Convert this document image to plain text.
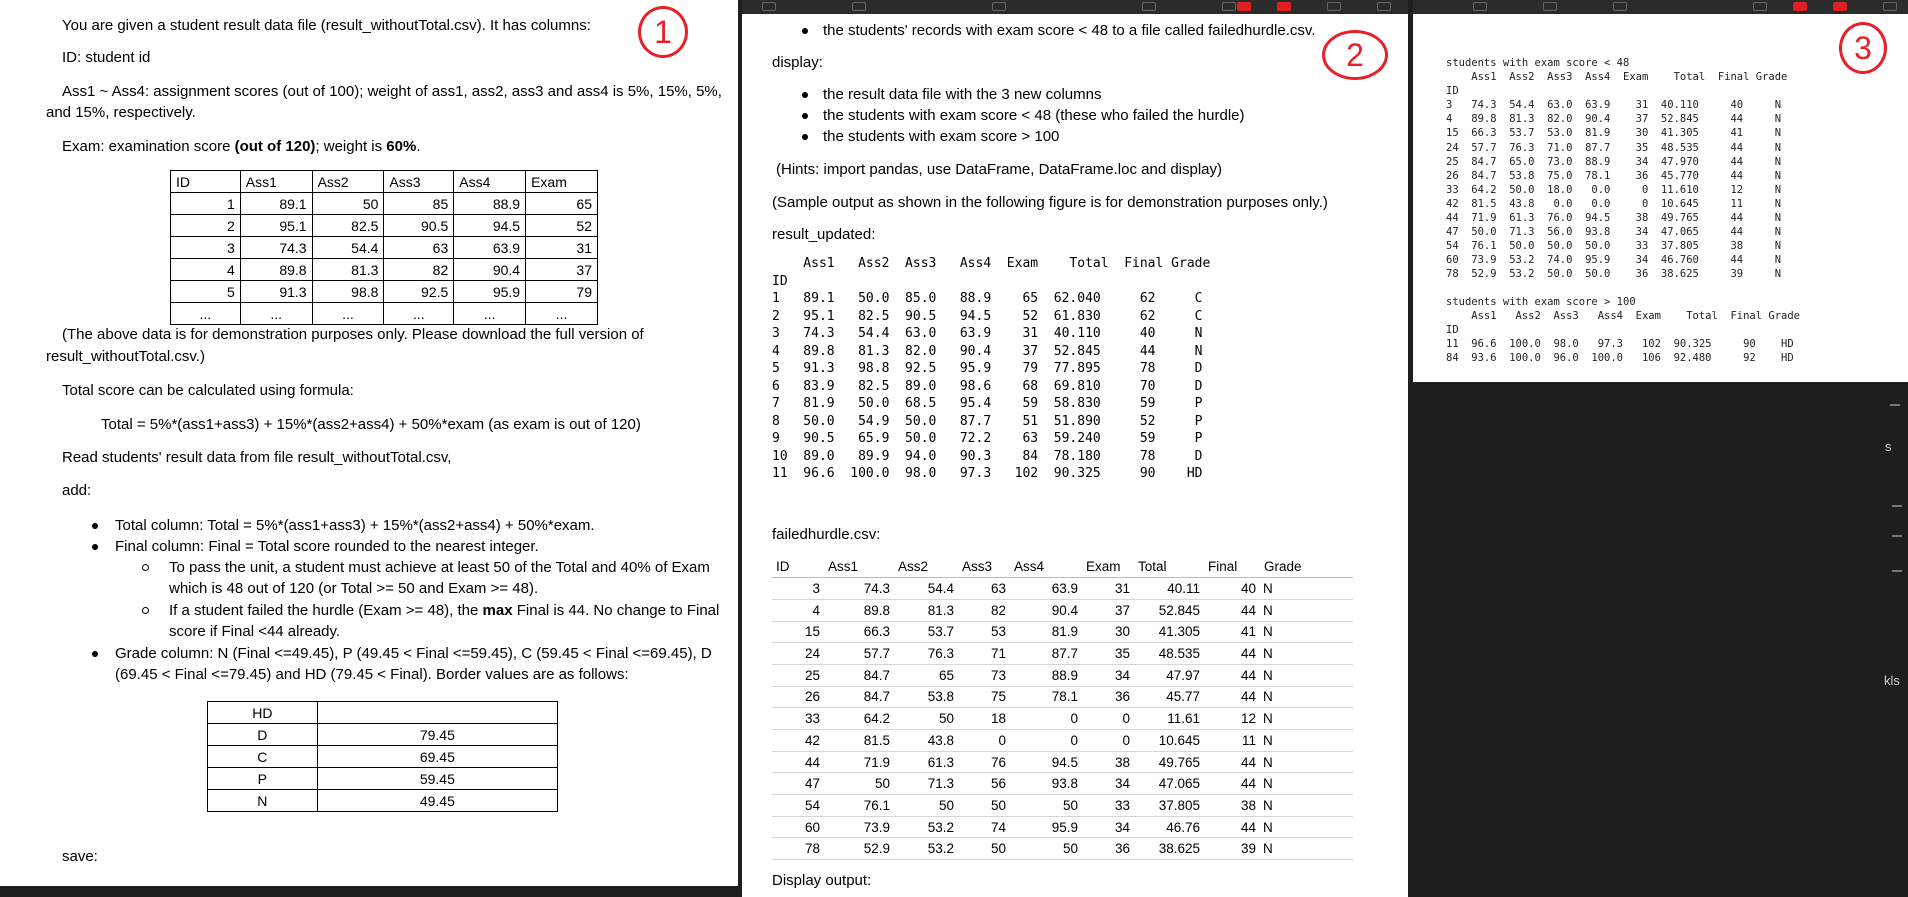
1
You are given a student result data file (result_withoutTotal.csv). It has columns:
ID: student id
Ass1 ~ Ass4: assignment scores (out of 100); weight of ass1, ass2, ass3 and ass4 is 5%, 15%, 5%,
and 15%, respectively.
Exam: examination score (out of 120); weight is 60%.
ID	Ass1	Ass2	Ass3	Ass4	Exam
1	89.1	50	85	88.9	65
2	95.1	82.5	90.5	94.5	52
3	74.3	54.4	63	63.9	31
4	89.8	81.3	82	90.4	37
5	91.3	98.8	92.5	95.9	79
...	...	...	...	...	...
(The above data is for demonstration purposes only. Please download the full version of
result_withoutTotal.csv.)
Total score can be calculated using formula:
Total = 5%*(ass1+ass3) + 15%*(ass2+ass4) + 50%*exam (as exam is out of 120)
Read students' result data from file result_withoutTotal.csv,
add:
Total column: Total = 5%*(ass1+ass3) + 15%*(ass2+ass4) + 50%*exam.
Final column: Final = Total score rounded to the nearest integer.
To pass the unit, a student must achieve at least 50 of the Total and 40% of Exam
which is 48 out of 120 (or Total >= 50 and Exam >= 48).
If a student failed the hurdle (Exam >= 48), the max Final is 44. No change to Final
score if Final <44 already.
Grade column: N (Final <=49.45), P (49.45 < Final <=59.45), C (59.45 < Final <=69.45), D
(69.45 < Final <=79.45) and HD (79.45 < Final). Border values are as follows:
HD	
D	79.45
C	69.45
P	59.45
N	49.45
save:
2
the students' records with exam score < 48 to a file called failedhurdle.csv.
display:
the result data file with the 3 new columns
the students with exam score < 48 (these who failed the hurdle)
the students with exam score > 100
(Hints: import pandas, use DataFrame, DataFrame.loc and display)
(Sample output as shown in the following figure is for demonstration purposes only.)
result_updated:
Ass1   Ass2  Ass3   Ass4  Exam    Total  Final Grade
ID
1   89.1   50.0  85.0   88.9    65  62.040     62     C
2   95.1   82.5  90.5   94.5    52  61.830     62     C
3   74.3   54.4  63.0   63.9    31  40.110     40     N
4   89.8   81.3  82.0   90.4    37  52.845     44     N
5   91.3   98.8  92.5   95.9    79  77.895     78     D
6   83.9   82.5  89.0   98.6    68  69.810     70     D
7   81.9   50.0  68.5   95.4    59  58.830     59     P
8   50.0   54.9  50.0   87.7    51  51.890     52     P
9   90.5   65.9  50.0   72.2    63  59.240     59     P
10  89.0   89.9  94.0   90.3    84  78.180     78     D
11  96.6  100.0  98.0   97.3   102  90.325     90    HD
failedhurdle.csv:
ID	Ass1	Ass2	Ass3	Ass4	Exam	Total	Final	Grade
3	74.3	54.4	63	63.9	31	40.11	40	N
4	89.8	81.3	82	90.4	37	52.845	44	N
15	66.3	53.7	53	81.9	30	41.305	41	N
24	57.7	76.3	71	87.7	35	48.535	44	N
25	84.7	65	73	88.9	34	47.97	44	N
26	84.7	53.8	75	78.1	36	45.77	44	N
33	64.2	50	18	0	0	11.61	12	N
42	81.5	43.8	0	0	0	10.645	11	N
44	71.9	61.3	76	94.5	38	49.765	44	N
47	50	71.3	56	93.8	34	47.065	44	N
54	76.1	50	50	50	33	37.805	38	N
60	73.9	53.2	74	95.9	34	46.76	44	N
78	52.9	53.2	50	50	36	38.625	39	N
Display output:
3
students with exam score < 48
Ass1  Ass2  Ass3  Ass4  Exam    Total  Final Grade
ID
3   74.3  54.4  63.0  63.9    31  40.110     40     N
4   89.8  81.3  82.0  90.4    37  52.845     44     N
15  66.3  53.7  53.0  81.9    30  41.305     41     N
24  57.7  76.3  71.0  87.7    35  48.535     44     N
25  84.7  65.0  73.0  88.9    34  47.970     44     N
26  84.7  53.8  75.0  78.1    36  45.770     44     N
33  64.2  50.0  18.0   0.0     0  11.610     12     N
42  81.5  43.8   0.0   0.0     0  10.645     11     N
44  71.9  61.3  76.0  94.5    38  49.765     44     N
47  50.0  71.3  56.0  93.8    34  47.065     44     N
54  76.1  50.0  50.0  50.0    33  37.805     38     N
60  73.9  53.2  74.0  95.9    34  46.760     44     N
78  52.9  53.2  50.0  50.0    36  38.625     39     N
students with exam score > 100
Ass1   Ass2  Ass3   Ass4  Exam    Total  Final Grade
ID
11  96.6  100.0  98.0   97.3   102  90.325     90    HD
84  93.6  100.0  96.0  100.0   106  92.480     92    HD
s
kls
